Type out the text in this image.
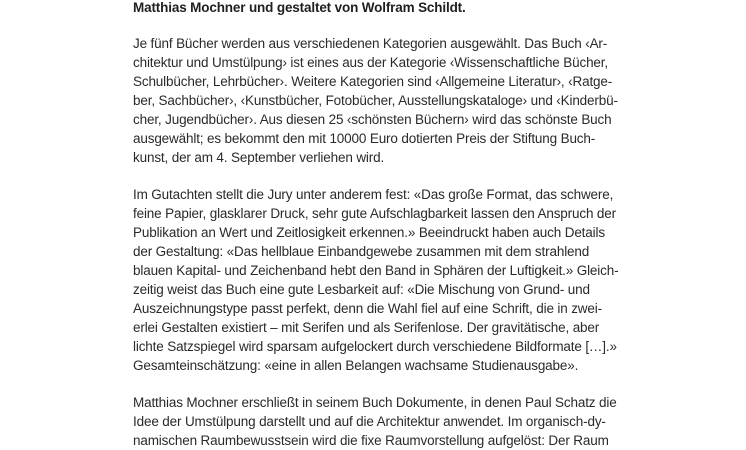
Matthias Mochner und gestaltet von Wolfram Schildt.
Je fünf Bücher werden aus verschiedenen Kategorien ausgewählt. Das Buch ‹Ar-
chitektur und Umstülpung› ist eines aus der Kategorie ‹Wissenschaftliche Bücher,
Schulbücher, Lehrbücher›. Weitere Kategorien sind ‹Allgemeine Literatur›, ‹Ratge-
ber, Sachbücher›, ‹Kunstbücher, Fotobücher, Ausstellungskataloge› und ‹Kinderbü-
cher, Jugendbücher›. Aus diesen 25 ‹schönsten Büchern› wird das schönste Buch
ausgewählt; es bekommt den mit 10000 Euro dotierten Preis der Stiftung Buch-
kunst, der am 4. September verliehen wird.
Im Gutachten stellt die Jury unter anderem fest: «Das große Format, das schwere,
feine Papier, glasklarer Druck, sehr gute Aufschlagbarkeit lassen den Anspruch der
Publikation an Wert und Zeitlosigkeit erkennen.» Beeindruckt haben auch Details
der Gestaltung: «Das hellblaue Einbandgewebe zusammen mit dem strahlend
blauen Kapital- und Zeichenband hebt den Band in Sphären der Luftigkeit.» Gleich-
zeitig weist das Buch eine gute Lesbarkeit auf: «Die Mischung von Grund- und
Auszeichnungstype passt perfekt, denn die Wahl fiel auf eine Schrift, die in zwei-
erlei Gestalten existiert – mit Serifen und als Serifenlose. Der gravitätische, aber
lichte Satzspiegel wird sparsam aufgelockert durch verschiedene Bildformate […].»
Gesamteinschätzung: «eine in allen Belangen wachsame Studienausgabe».
Matthias Mochner erschließt in seinem Buch Dokumente, in denen Paul Schatz die
Idee der Umstülpung darstellt und auf die Architektur anwendet. Im organisch-dy-
namischen Raumbewusstsein wird die fixe Raumvorstellung aufgelöst: Der Raum
